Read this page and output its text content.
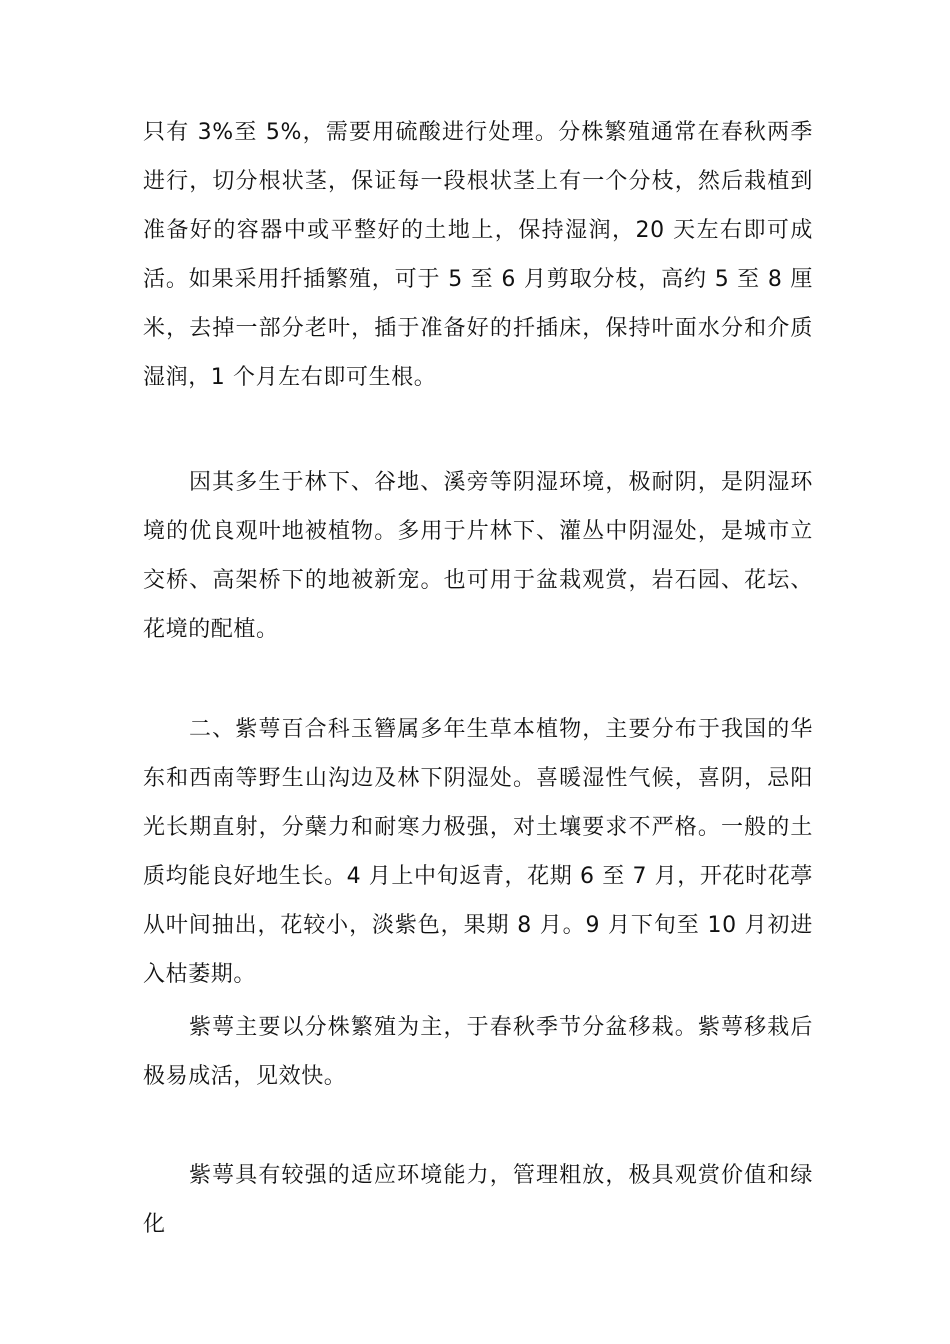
只有 3%至 5%，需要用硫酸进行处理。分株繁殖通常在春秋两季进行，切分根状茎，保证每一段根状茎上有一个分枝，然后栽植到准备好的容器中或平整好的土地上，保持湿润，20 天左右即可成活。如果采用扦插繁殖，可于 5 至 6 月剪取分枝，高约 5 至 8 厘米，去掉一部分老叶，插于准备好的扦插床，保持叶面水分和介质湿润，1 个月左右即可生根。

因其多生于林下、谷地、溪旁等阴湿环境，极耐阴，是阴湿环境的优良观叶地被植物。多用于片林下、灌丛中阴湿处，是城市立交桥、高架桥下的地被新宠。也可用于盆栽观赏，岩石园、花坛、花境的配植。

二、紫萼百合科玉簪属多年生草本植物，主要分布于我国的华东和西南等野生山沟边及林下阴湿处。喜暖湿性气候，喜阴，忌阳光长期直射，分蘖力和耐寒力极强，对土壤要求不严格。一般的土质均能良好地生长。4 月上中旬返青，花期 6 至 7 月，开花时花葶从叶间抽出，花较小，淡紫色，果期 8 月。9 月下旬至 10 月初进入枯萎期。

紫萼主要以分株繁殖为主，于春秋季节分盆移栽。紫萼移栽后极易成活，见效快。

紫萼具有较强的适应环境能力，管理粗放，极具观赏价值和绿化
